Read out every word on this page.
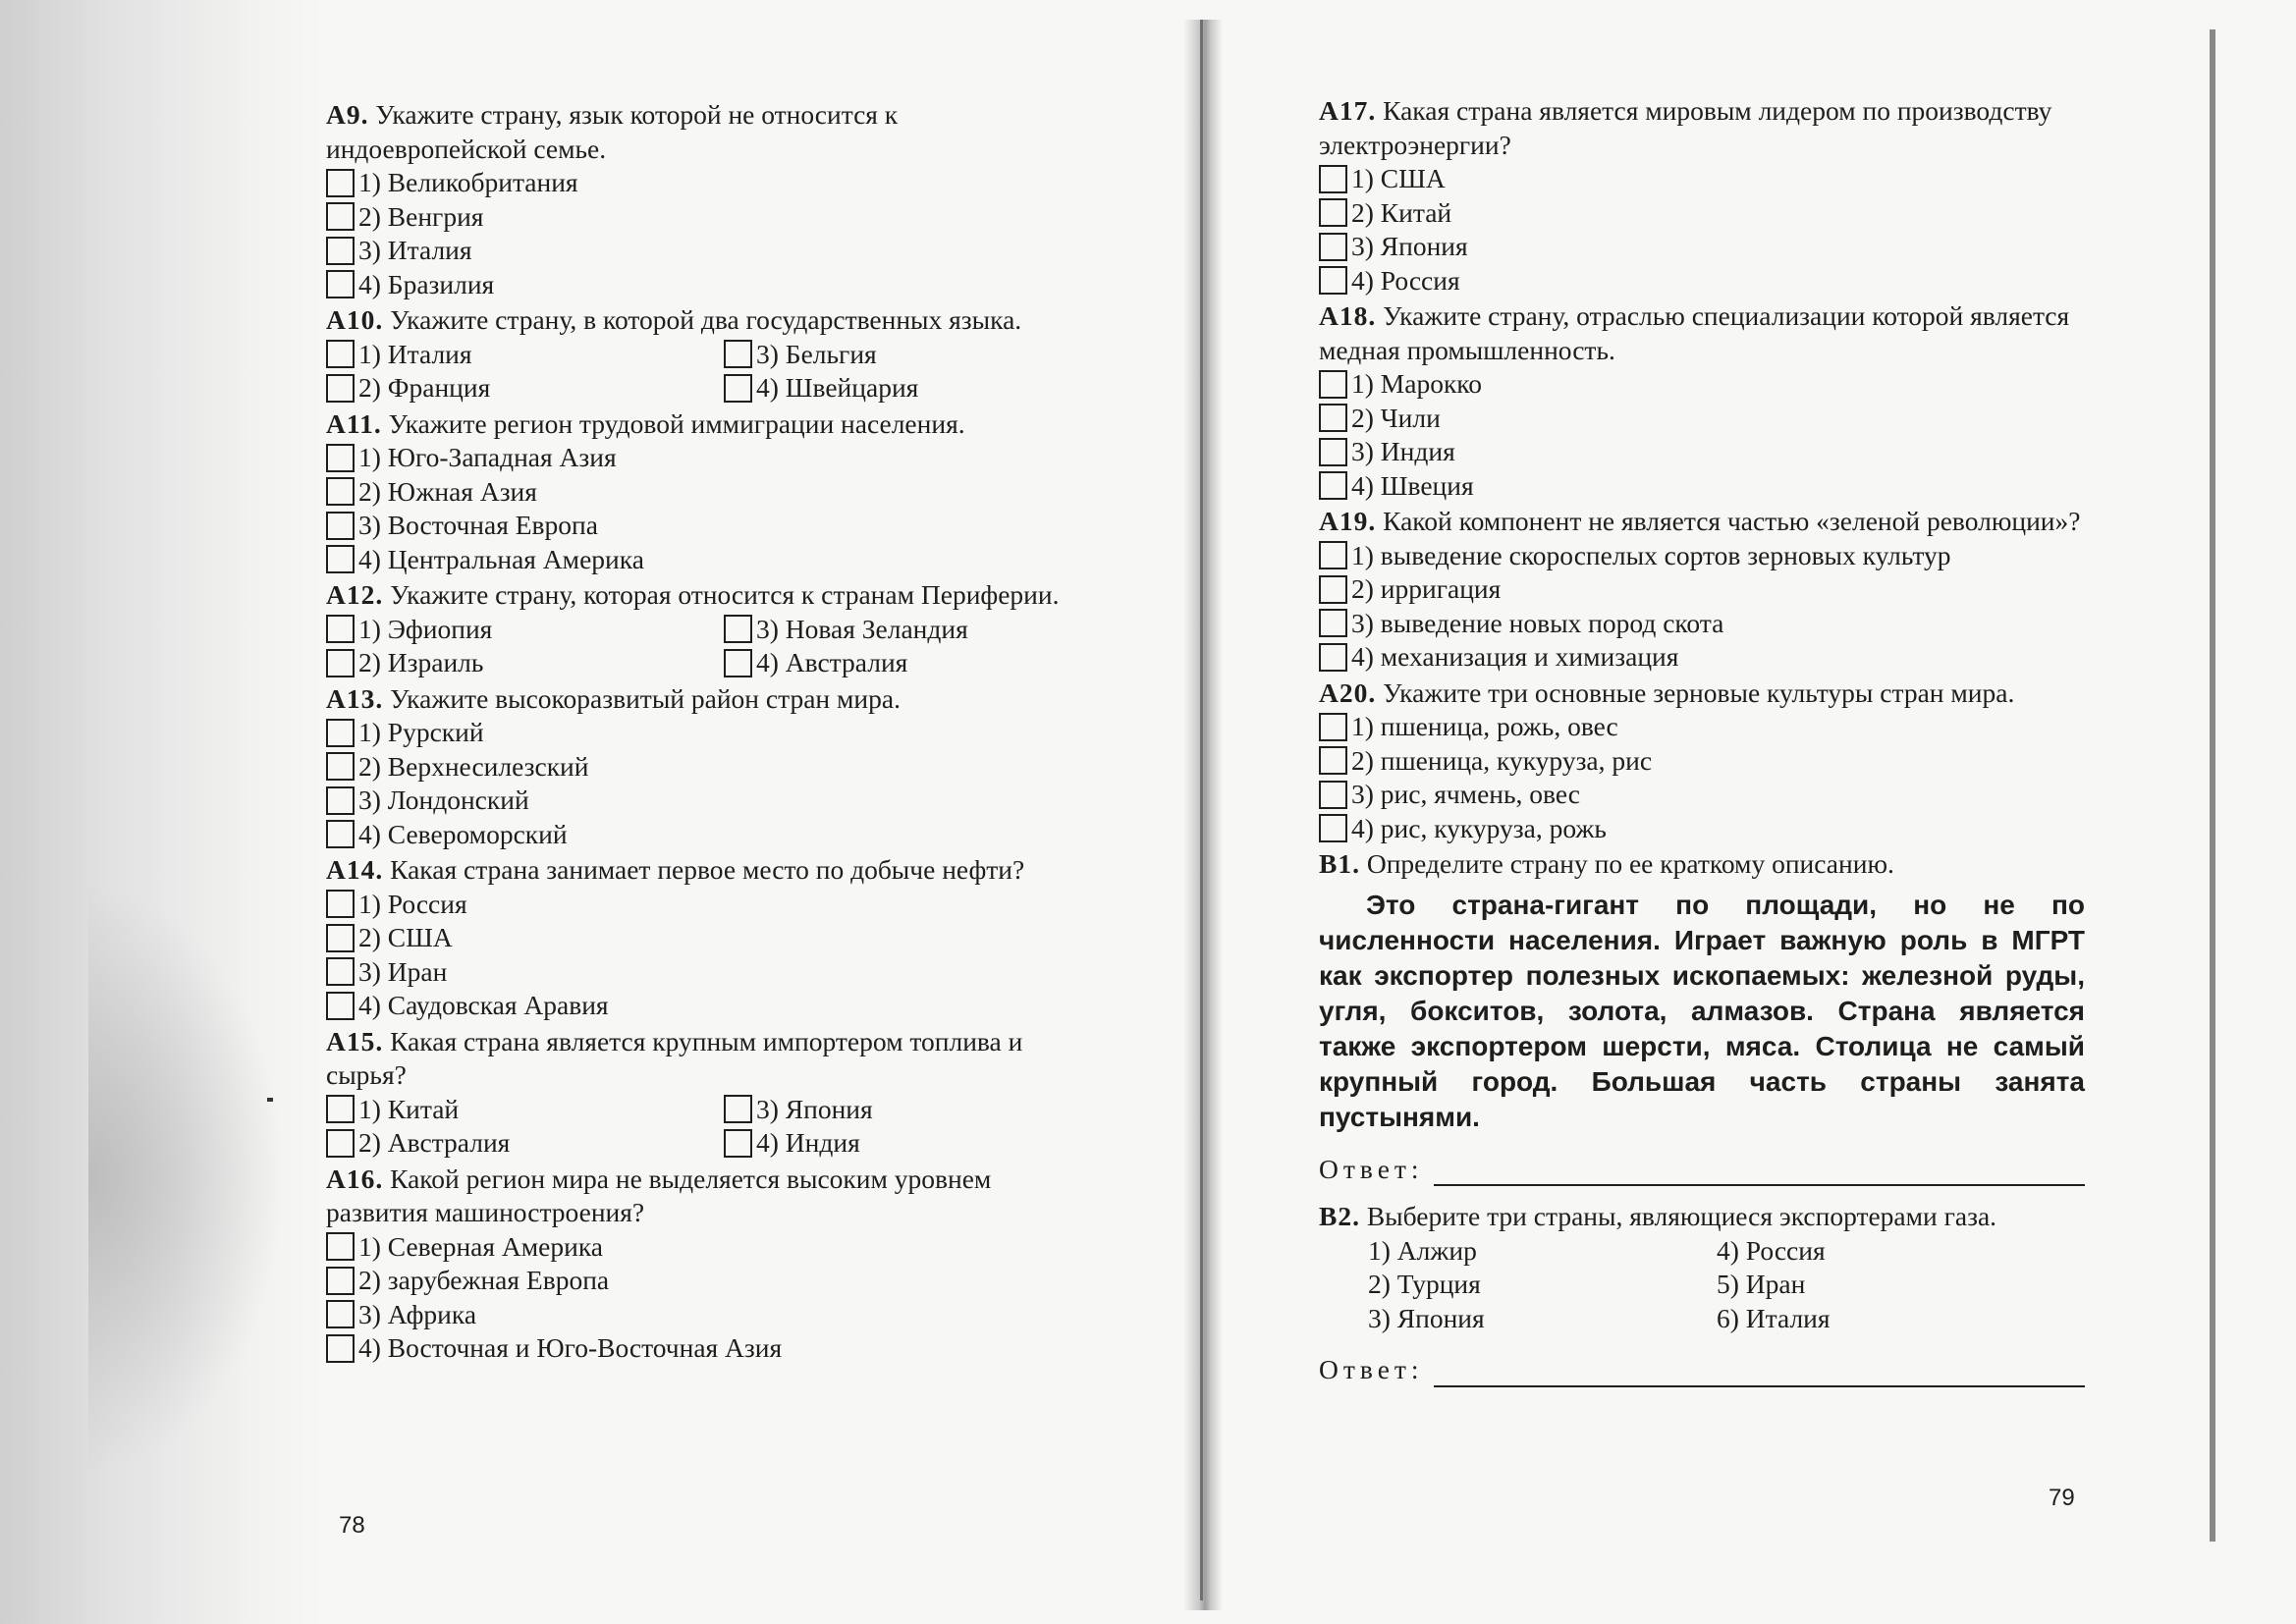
А9. Укажите страну, язык которой не относится к индоевропейской семье.
1) Великобритания
2) Венгрия
3) Италия
4) Бразилия
А10. Укажите страну, в которой два государственных языка.
1) Италия
2) Франция
3) Бельгия
4) Швейцария
А11. Укажите регион трудовой иммиграции населения.
1) Юго-Западная Азия
2) Южная Азия
3) Восточная Европа
4) Центральная Америка
А12. Укажите страну, которая относится к странам Периферии.
1) Эфиопия
2) Израиль
3) Новая Зеландия
4) Австралия
А13. Укажите высокоразвитый район стран мира.
1) Рурский
2) Верхнесилезский
3) Лондонский
4) Североморский
А14. Какая страна занимает первое место по добыче нефти?
1) Россия
2) США
3) Иран
4) Саудовская Аравия
А15. Какая страна является крупным импортером топлива и сырья?
1) Китай
2) Австралия
3) Япония
4) Индия
А16. Какой регион мира не выделяется высоким уровнем развития машиностроения?
1) Северная Америка
2) зарубежная Европа
3) Африка
4) Восточная и Юго-Восточная Азия
78
А17. Какая страна является мировым лидером по производству электроэнергии?
1) США
2) Китай
3) Япония
4) Россия
А18. Укажите страну, отраслью специализации которой является медная промышленность.
1) Марокко
2) Чили
3) Индия
4) Швеция
А19. Какой компонент не является частью «зеленой революции»?
1) выведение скороспелых сортов зерновых культур
2) ирригация
3) выведение новых пород скота
4) механизация и химизация
А20. Укажите три основные зерновые культуры стран мира.
1) пшеница, рожь, овес
2) пшеница, кукуруза, рис
3) рис, ячмень, овес
4) рис, кукуруза, рожь
В1. Определите страну по ее краткому описанию.
Это страна-гигант по площади, но не по численности населения. Играет важную роль в МГРТ как экспортер полезных ископаемых: железной руды, угля, бокситов, золота, алмазов. Страна является также экспортером шерсти, мяса. Столица не самый крупный город. Большая часть страны занята пустынями.
Ответ:
В2. Выберите три страны, являющиеся экспортерами газа.
1) Алжир	4) Россия
2) Турция	5) Иран
3) Япония	6) Италия
Ответ:
79
